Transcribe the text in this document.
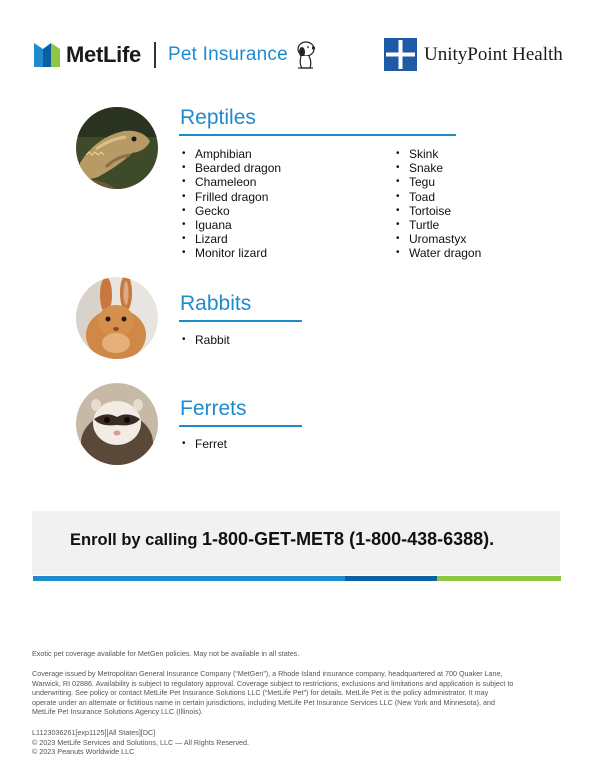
MetLife Pet Insurance	UnityPoint Health
Reptiles
• Amphibian
• Bearded dragon
• Chameleon
• Frilled dragon
• Gecko
• Iguana
• Lizard
• Monitor lizard
• Skink
• Snake
• Tegu
• Toad
• Tortoise
• Turtle
• Uromastyx
• Water dragon
Rabbits
• Rabbit
Ferrets
• Ferret
Enroll by calling 1-800-GET-MET8 (1-800-438-6388).
Exotic pet coverage available for MetGen policies. May not be available in all states.
Coverage issued by Metropolitan General Insurance Company (“MetGen”), a Rhode Island insurance company, headquartered at 700 Quaker Lane,
Warwick, RI 02886. Availability is subject to regulatory approval. Coverage subject to restrictions, exclusions and limitations and application is subject to
underwriting. See policy or contact MetLife Pet Insurance Solutions LLC (“MetLife Pet”) for details. MetLife Pet is the policy administrator. It may
operate under an alternate or fictitious name in certain jurisdictions, including MetLife Pet Insurance Services LLC (New York and Minnesota), and
MetLife Pet Insurance Solutions Agency LLC (Illinois).
L1123036261[exp1125][All States][DC]
© 2023 MetLife Services and Solutions, LLC — All Rights Reserved.
© 2023 Peanuts Worldwide LLC
